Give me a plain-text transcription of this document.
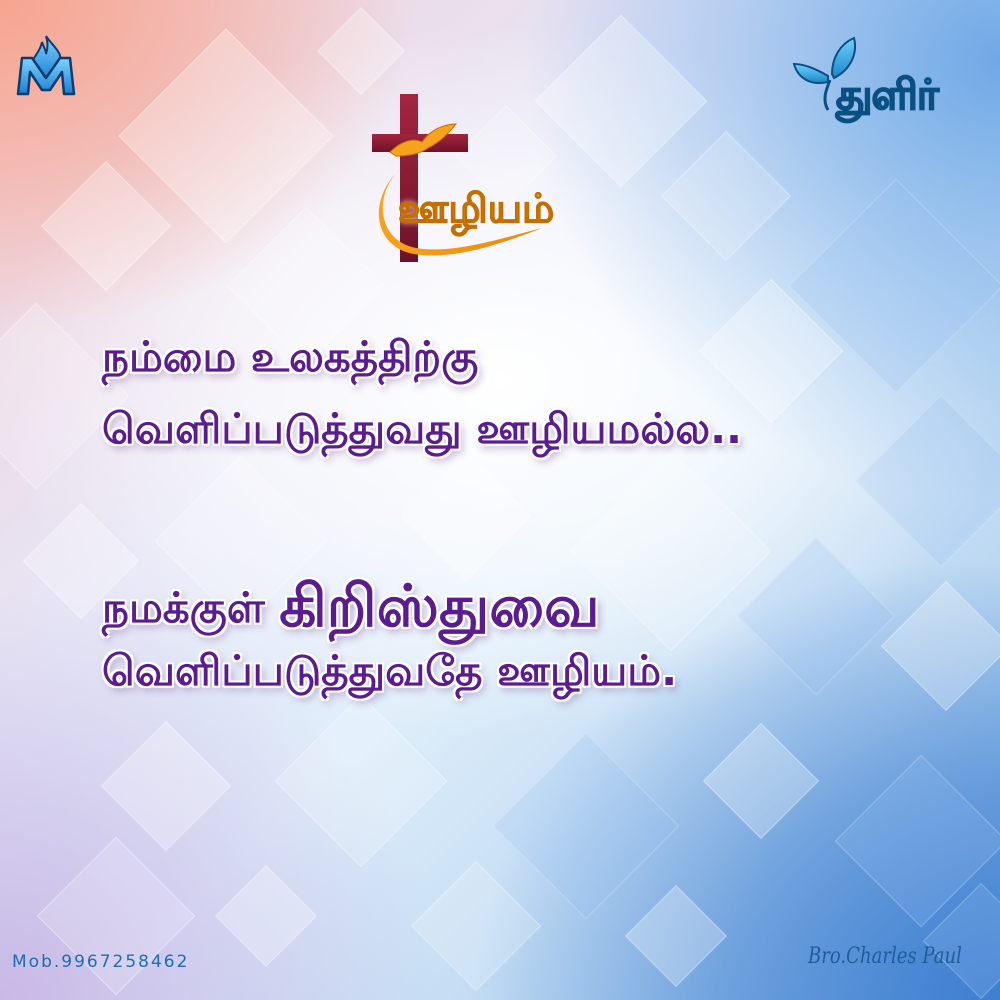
துளிர்
ஊழியம்
நம்மை உலகத்திற்கு
வெளிப்படுத்துவது ஊழியமல்ல..
நமக்குள் கிறிஸ்துவை
வெளிப்படுத்துவதே ஊழியம்.
Mob.9967258462	Bro.Charles Paul
